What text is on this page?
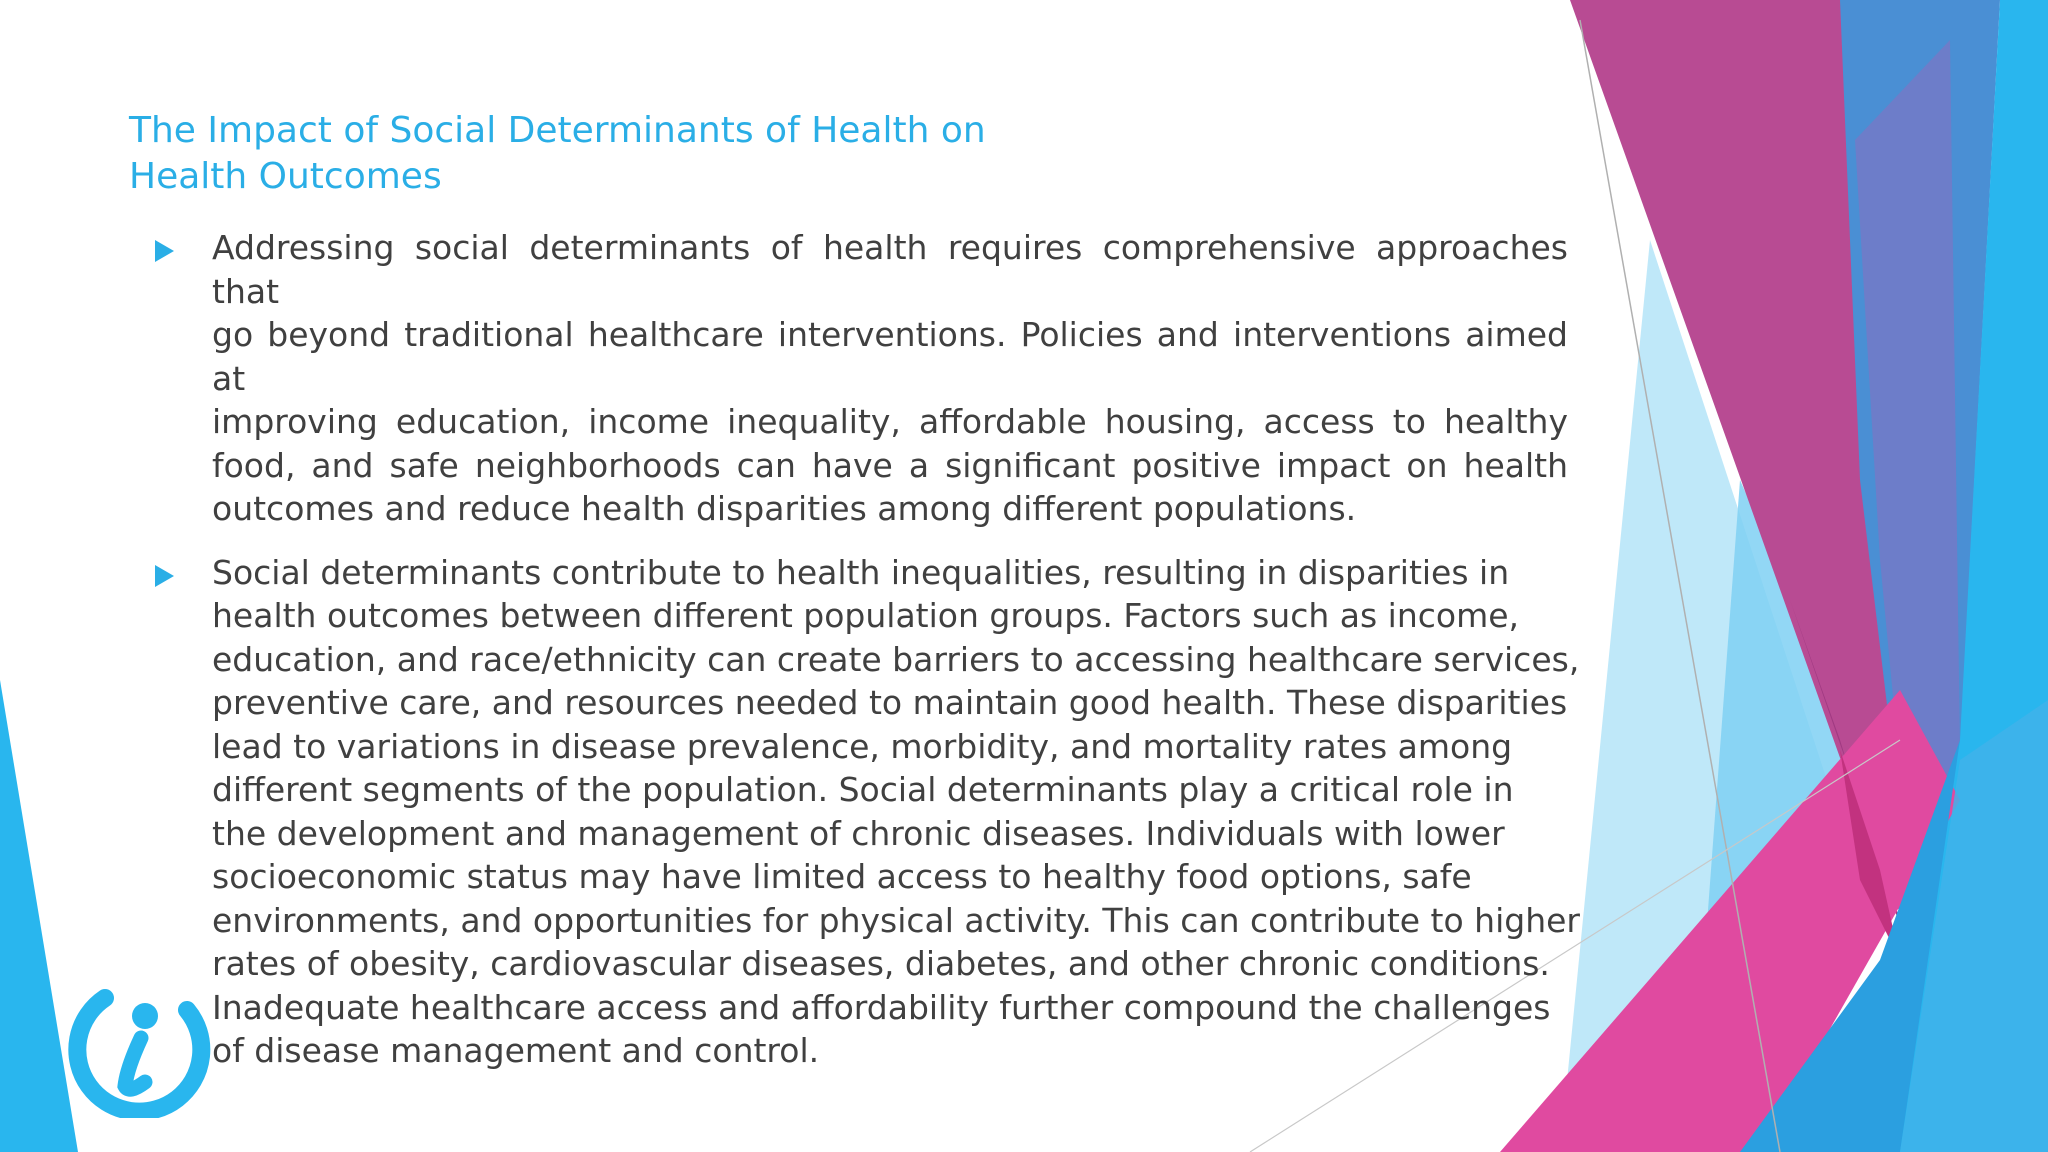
The Impact of Social Determinants of Health on
Health Outcomes
Addressing social determinants of health requires comprehensive approaches that
go beyond traditional healthcare interventions. Policies and interventions aimed at
improving education, income inequality, affordable housing, access to healthy
food, and safe neighborhoods can have a significant positive impact on health
outcomes and reduce health disparities among different populations.
Social determinants contribute to health inequalities, resulting in disparities in
health outcomes between different population groups. Factors such as income,
education, and race/ethnicity can create barriers to accessing healthcare services,
preventive care, and resources needed to maintain good health. These disparities
lead to variations in disease prevalence, morbidity, and mortality rates among
different segments of the population. Social determinants play a critical role in
the development and management of chronic diseases. Individuals with lower
socioeconomic status may have limited access to healthy food options, safe
environments, and opportunities for physical activity. This can contribute to higher
rates of obesity, cardiovascular diseases, diabetes, and other chronic conditions.
Inadequate healthcare access and affordability further compound the challenges
of disease management and control.
